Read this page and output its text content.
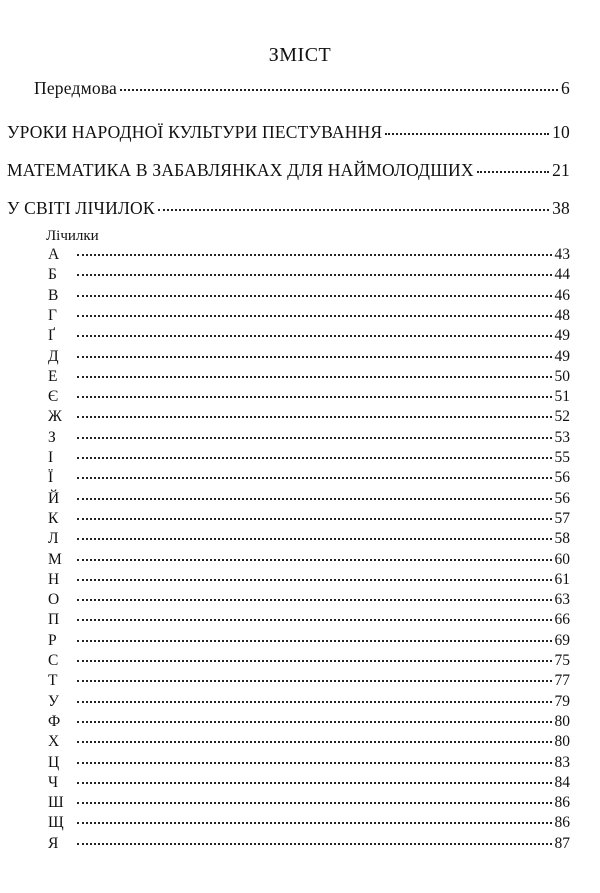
ЗМІСТ
Передмова	6
УРОКИ НАРОДНОЇ КУЛЬТУРИ ПЕСТУВАННЯ	10
МАТЕМАТИКА В ЗАБАВЛЯНКАХ ДЛЯ НАЙМОЛОДШИХ	21
У СВІТІ ЛІЧИЛОК	38
Лічилки
А	43
Б	44
В	46
Г	48
Ґ	49
Д	49
Е	50
Є	51
Ж	52
З	53
І	55
Ї	56
Й	56
К	57
Л	58
М	60
Н	61
О	63
П	66
Р	69
С	75
Т	77
У	79
Ф	80
Х	80
Ц	83
Ч	84
Ш	86
Щ	86
Я	87
